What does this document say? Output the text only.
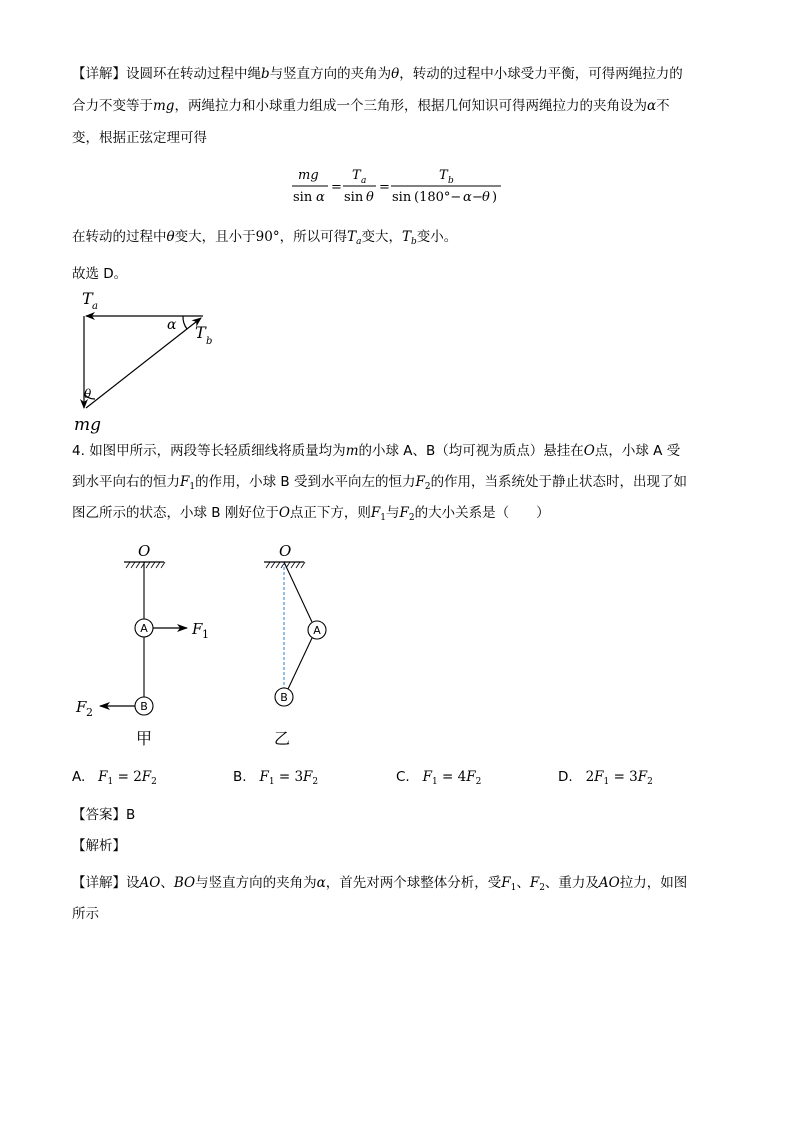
【详解】设圆环在转动过程中绳b与竖直方向的夹角为θ，转动的过程中小球受力平衡，可得两绳拉力的
合力不变等于mg，两绳拉力和小球重力组成一个三角形，根据几何知识可得两绳拉力的夹角设为α不
变，根据正弦定理可得
mg
sin α
=
T a
sin θ
=
T b
sin (180°− α − θ )
在转动的过程中θ变大，且小于90°，所以可得$T_a$变大，$T_b$变小。
故选 D。
T a
α T b
θ
mg
4. 如图甲所示，两段等长轻质细线将质量均为m的小球 A、B（均可视为质点）悬挂在O点，小球 A 受
到水平向右的恒力$F_1$的作用，小球 B 受到水平向左的恒力$F_2$的作用，当系统处于静止状态时，出现了如
图乙所示的状态，小球 B 刚好位于O点正下方，则$F_1$与$F_2$的大小关系是（　　）
A
B
A
B
O	O
F
F
1
2
甲	乙
A. $F_1 = 2F_2$	B. $F_1 = 3F_2$	C. $F_1 = 4F_2$	D. $2F_1 = 3F_2$
【答案】B
【解析】
【详解】设AO、BO与竖直方向的夹角为α，首先对两个球整体分析，受$F_1$、$F_2$、重力及AO拉力，如图
所示
